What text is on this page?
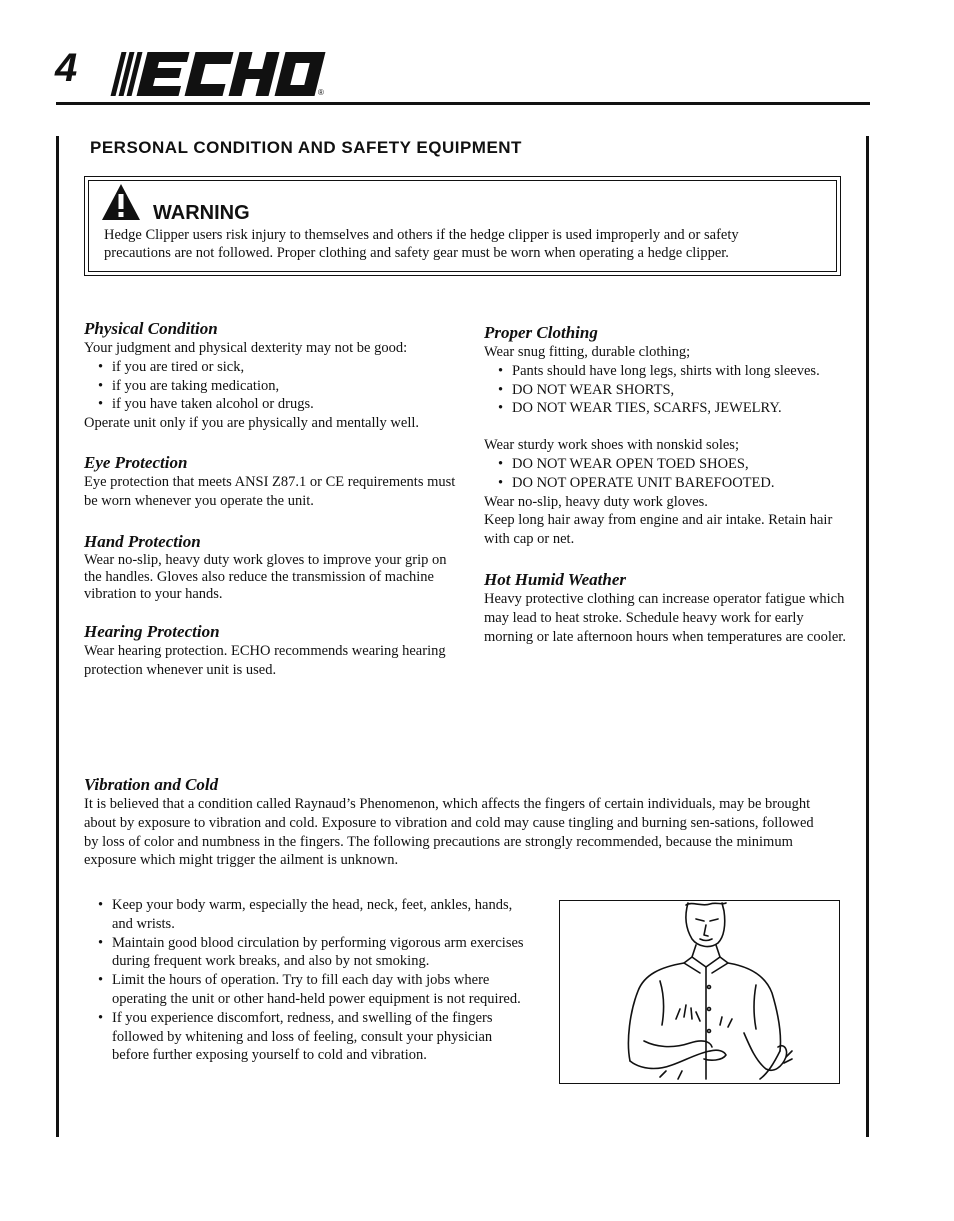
4
®
PERSONAL CONDITION AND SAFETY EQUIPMENT
WARNING
Hedge Clipper users risk injury to themselves and others if the hedge clipper is used improperly and or safety precautions are not followed. Proper clothing and safety gear must be worn when operating a hedge clipper.
Physical Condition

Your judgment and physical dexterity may not be good:

• if you are tired or sick,
• if you are taking medication,
• if you have taken alcohol or drugs.

Operate unit only if you are physically and mentally well.

Eye Protection

Eye protection that meets ANSI Z87.1 or CE requirements must be worn whenever you operate the unit.

Hand Protection

Wear no-slip, heavy duty work gloves to improve your grip on the handles. Gloves also reduce the transmission of machine vibration to your hands.

Hearing Protection

Wear hearing protection. ECHO recommends wearing hearing protection whenever unit is used.

Proper Clothing

Wear snug fitting, durable clothing;

• Pants should have long legs, shirts with long sleeves.
• DO NOT WEAR SHORTS,
• DO NOT WEAR TIES, SCARFS, JEWELRY.

Wear sturdy work shoes with nonskid soles;

• DO NOT WEAR OPEN TOED SHOES,
• DO NOT OPERATE UNIT BAREFOOTED.

Wear no-slip, heavy duty work gloves.

Keep long hair away from engine and air intake. Retain hair with cap or net.

Hot Humid Weather

Heavy protective clothing can increase operator fatigue which may lead to heat stroke. Schedule heavy work for early morning or late afternoon hours when temperatures are cooler.

Vibration and Cold

It is believed that a condition called Raynaud’s Phenomenon, which affects the fingers of certain individuals, may be brought about by exposure to vibration and cold. Exposure to vibration and cold may cause tingling and burning sen-sations, followed by loss of color and numbness in the fingers. The following precautions are strongly recommended, because the minimum exposure which might trigger the ailment is unknown.

• Keep your body warm, especially the head, neck, feet, ankles, hands, and wrists.
• Maintain good blood circulation by performing vigorous arm exercises during frequent work breaks, and also by not smoking.
• Limit the hours of operation. Try to fill each day with jobs where operating the unit or other hand-held power equipment is not required.
• If you experience discomfort, redness, and swelling of the fingers followed by whitening and loss of feeling, consult your physician before further exposing yourself to cold and vibration.
